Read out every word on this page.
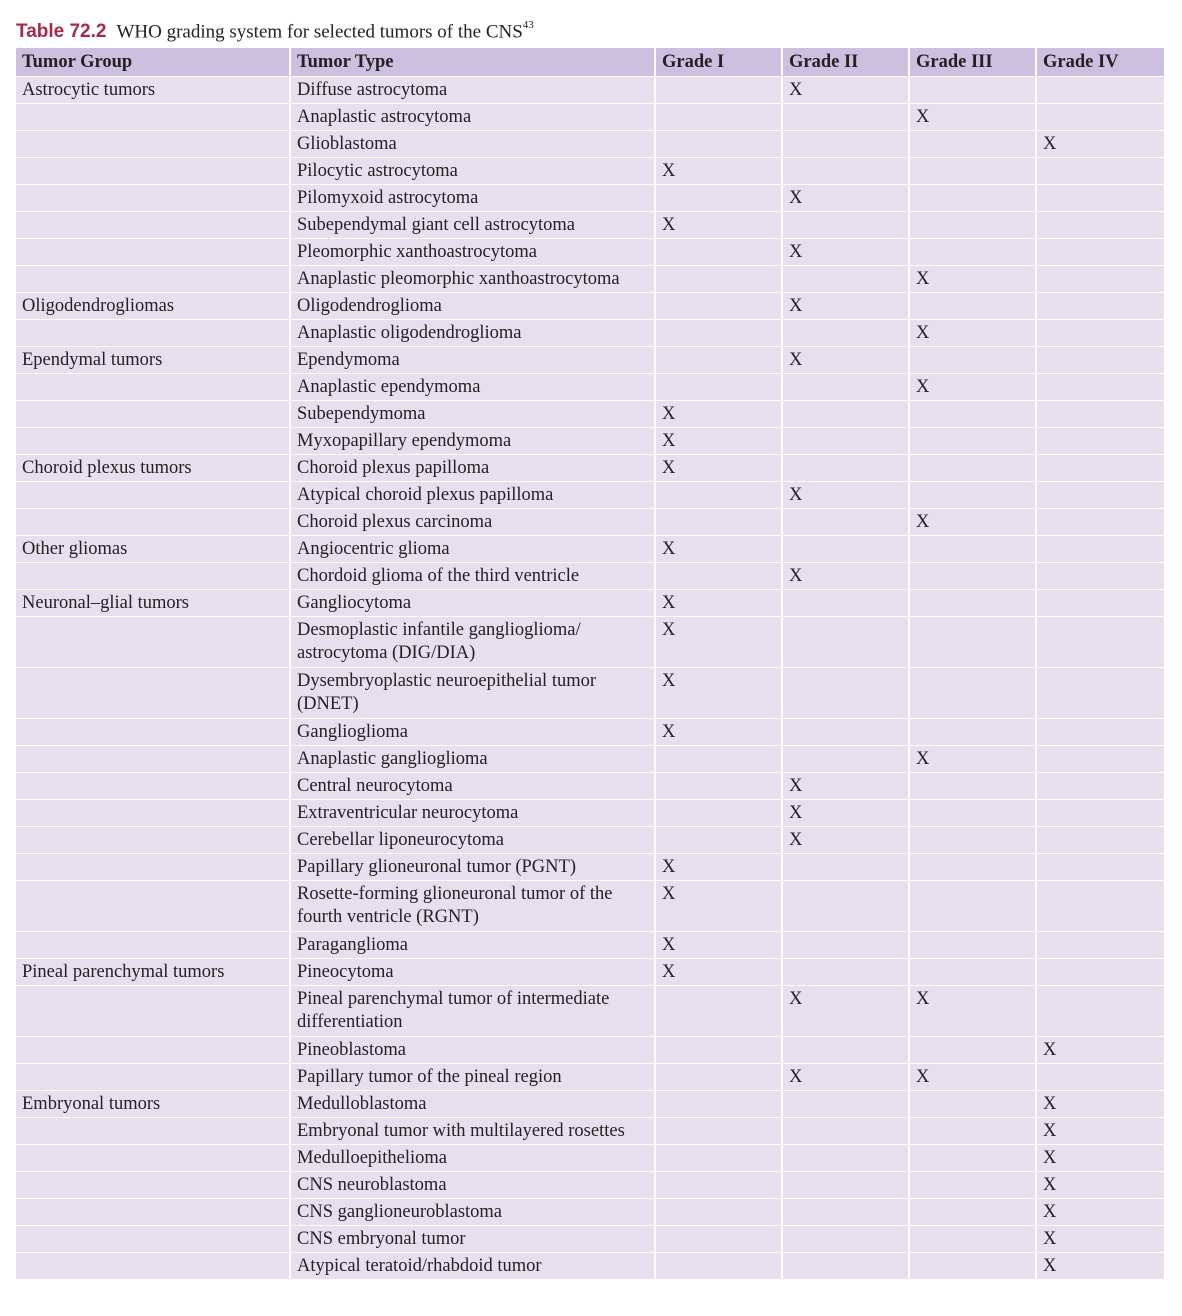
Table 72.2 WHO grading system for selected tumors of the CNS$^{43}$
Tumor Group	Tumor Type	Grade I	Grade II	Grade III	Grade IV
Astrocytic tumors	Diffuse astrocytoma		X		
	Anaplastic astrocytoma			X	
	Glioblastoma				X
	Pilocytic astrocytoma	X			
	Pilomyxoid astrocytoma		X		
	Subependymal giant cell astrocytoma	X			
	Pleomorphic xanthoastrocytoma		X		
	Anaplastic pleomorphic xanthoastrocytoma			X	
Oligodendrogliomas	Oligodendroglioma		X		
	Anaplastic oligodendroglioma			X	
Ependymal tumors	Ependymoma		X		
	Anaplastic ependymoma			X	
	Subependymoma	X			
	Myxopapillary ependymoma	X			
Choroid plexus tumors	Choroid plexus papilloma	X			
	Atypical choroid plexus papilloma		X		
	Choroid plexus carcinoma			X	
Other gliomas	Angiocentric glioma	X			
	Chordoid glioma of the third ventricle		X		
Neuronal–glial tumors	Gangliocytoma	X			
	Desmoplastic infantile ganglioglioma/ astrocytoma (DIG/DIA)	X			
	Dysembryoplastic neuroepithelial tumor (DNET)	X			
	Ganglioglioma	X			
	Anaplastic ganglioglioma			X	
	Central neurocytoma		X		
	Extraventricular neurocytoma		X		
	Cerebellar liponeurocytoma		X		
	Papillary glioneuronal tumor (PGNT)	X			
	Rosette-forming glioneuronal tumor of the fourth ventricle (RGNT)	X			
	Paraganglioma	X			
Pineal parenchymal tumors	Pineocytoma	X			
	Pineal parenchymal tumor of intermediate differentiation		X	X	
	Pineoblastoma				X
	Papillary tumor of the pineal region		X	X	
Embryonal tumors	Medulloblastoma				X
	Embryonal tumor with multilayered rosettes				X
	Medulloepithelioma				X
	CNS neuroblastoma				X
	CNS ganglioneuroblastoma				X
	CNS embryonal tumor				X
	Atypical teratoid/rhabdoid tumor				X
